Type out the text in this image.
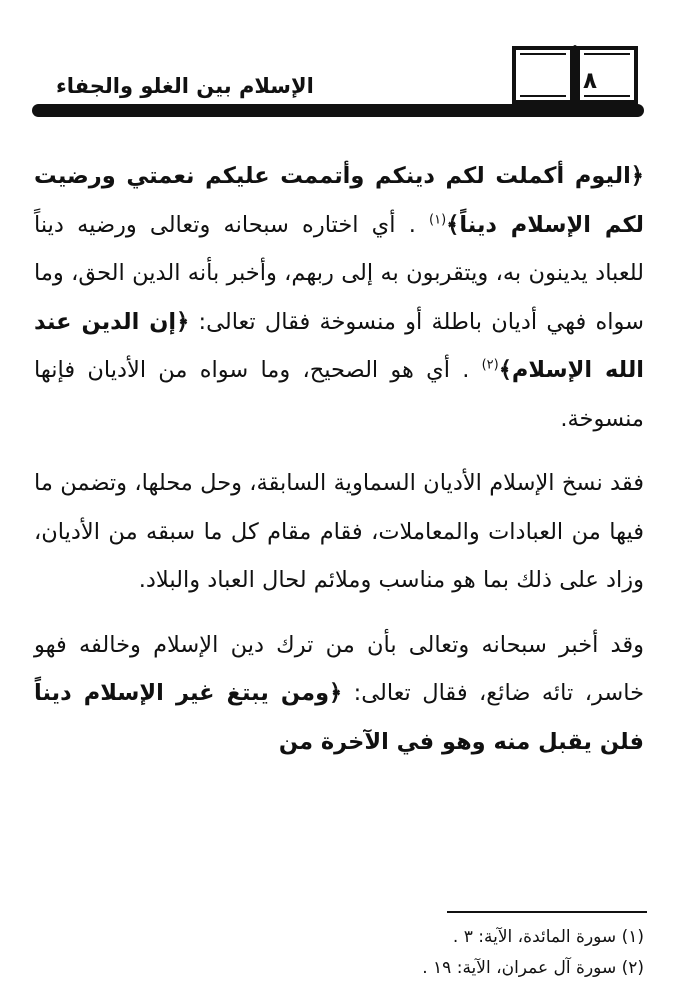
الإسلام بين الغلو والجفاء	٨

﴿اليوم أكملت لكم دينكم وأتممت عليكم نعمتي ورضيت لكم الإسلام ديناً﴾$^{(١)}$ . أي اختاره سبحانه وتعالى ورضيه ديناً للعباد يدينون به، ويتقربون به إلى ربهم، وأخبر بأنه الدين الحق، وما سواه فهي أديان باطلة أو منسوخة فقال تعالى: ﴿إن الدين عند الله الإسلام﴾$^{(٢)}$ . أي هو الصحيح، وما سواه من الأديان فإنها منسوخة.

فقد نسخ الإسلام الأديان السماوية السابقة، وحل محلها، وتضمن ما فيها من العبادات والمعاملات، فقام مقام كل ما سبقه من الأديان، وزاد على ذلك بما هو مناسب وملائم لحال العباد والبلاد.

وقد أخبر سبحانه وتعالى بأن من ترك دين الإسلام وخالفه فهو خاسر، تائه ضائع، فقال تعالى: ﴿ومن يبتغ غير الإسلام ديناً فلن يقبل منه وهو في الآخرة من

(١) سورة المائدة، الآية: ٣ .

(٢) سورة آل عمران، الآية: ١٩ .
